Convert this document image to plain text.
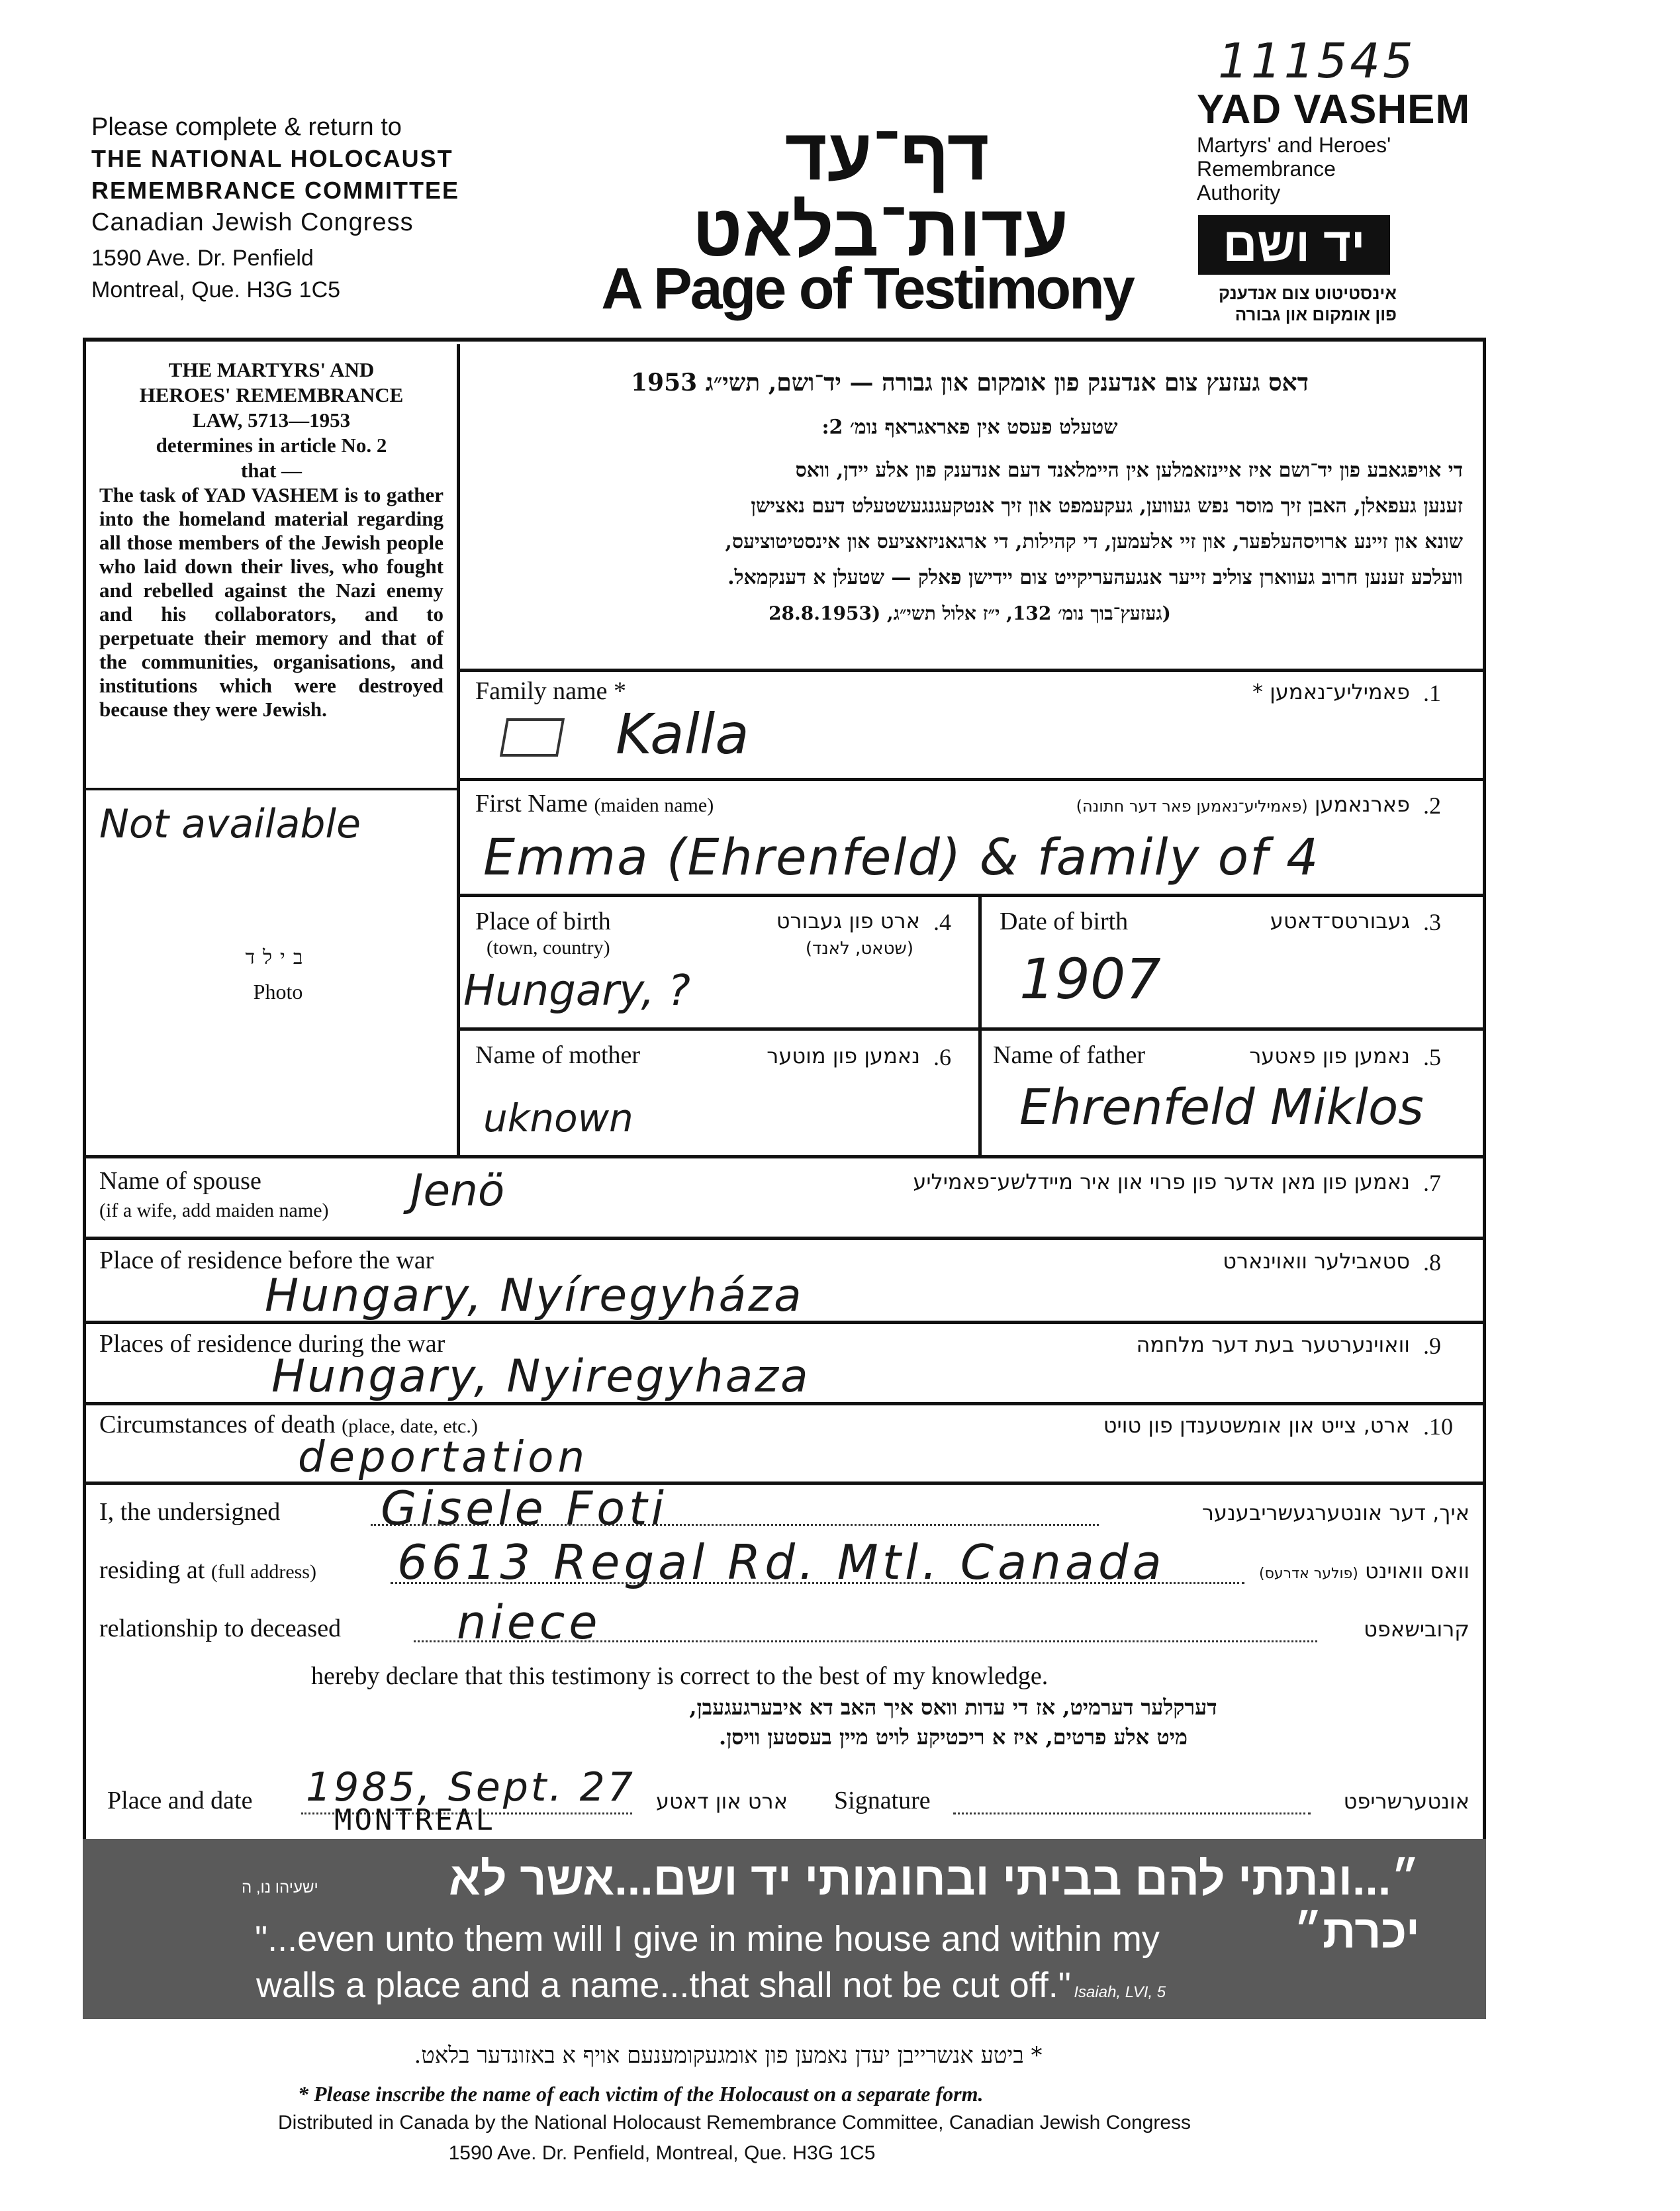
111545
Please complete & return to
THE NATIONAL HOLOCAUST
REMEMBRANCE COMMITTEE
Canadian Jewish Congress
1590 Ave. Dr. Penfield
Montreal, Que. H3G 1C5
דף־עד
עדות־בלאט
A Page of Testimony
YAD VASHEM
Martyrs' and Heroes'
Remembrance
Authority
יד ושם
אינסטיטוט צום אנדענק
פון אומקום און גבורה
THE MARTYRS' AND
HEROES' REMEMBRANCE
LAW, 5713—1953
determines in article No. 2
that —
The task of YAD VASHEM is to gather into the homeland material regarding all those members of the Jewish people who laid down their lives, who fought and rebelled against the Nazi enemy and his collaborators, and to perpetuate their memory and that of the communities, organisations, and institutions which were destroyed because they were Jewish.
דאס געזעץ צום אנדענק פון אומקום און גבורה — יד־ושם, תשי״ג 1953
שטעלט פעסט אין פאראגראף נומ׳ 2:
די אויפגאבע פון יד־ושם איז איינזאמלען אין היימלאנד דעם אנדענק פון אלע יידן, וואס
זענען געפאלן, האבן זיך מוסר נפש געווען, געקעמפט און זיך אנטקעגנגעשטעלט דעם נאצישן
שונא און זיינע ארויסהעלפער, און זיי אלעמען, די קהילות, די ארגאניזאציעס און אינסטיטוציעס,
וועלכע זענען חרוב געווארן צוליב זייער אנגעהעריקייט צום יידישן פאלק — שטעלן א דענקמאל.
(געזעץ־בוך נומ׳ 132, י״ז אלול תשי״ג, (28.8.1953
Not available
בילד
Photo
Family name *	פאמיליע־נאמען * .1
Kalla
First Name (maiden name)	פארנאמען (פאמיליע־נאמען פאר דער חתונה)	.2
Emma (Ehrenfeld) & family of 4
Place of birth
(town, country)
ארט פון געבורט
(שטאט, לאנד)
.4
Hungary, ?
Date of birth	געבורטס־דאטע .3
1907
Name of mother	נאמען פון מוטער .6
uknown
Name of father	נאמען פון פאטער .5
Ehrenfeld Miklos
Name of spouse
(if a wife, add maiden name) Jenö	נאמען פון מאן אדער פון פרוי און איר מיידלשע־פאמיליע .7
Place of residence before the war	סטאבילער וואוינארט .8
Hungary, Nyíregyháza
Places of residence during the war	וואוינערטער בעת דער מלחמה .9
Hungary, Nyiregyhaza
Circumstances of death (place, date, etc.)	ארט, צייט און אומשטענדן פון טויט .10
deportation
I, the undersigned Gisele Foti	איך, דער אונטערגעשריבענער
residing at (full address) 6613 Regal Rd. Mtl. Canada	וואס וואוינט (פולער אדרעס)
relationship to deceased niece	קרובישאפט
hereby declare that this testimony is correct to the best of my knowledge.
דערקלער דערמיט, אז די עדות וואס איך האב דא איבערגעגעבן,
מיט אלע פרטים, איז א ריכטיקע לויט מיין בעסטען וויסן.
Place and date 1985, Sept. 27
MONTREAL
ארט און דאטע Signature	אונטערשריפט
ישעיהו נו, ה	״...ונתתי להם בביתי ובחומותי יד ושם...אשר לא יכרת״
"...even unto them will I give in mine house and within my
walls a place and a name...that shall not be cut off." Isaiah, LVI, 5
* ביטע אנשרייבן יעדן נאמען פון אומגעקומענעם אויף א באזונדער בלאט.
* Please inscribe the name of each victim of the Holocaust on a separate form.
Distributed in Canada by the National Holocaust Remembrance Committee, Canadian Jewish Congress
1590 Ave. Dr. Penfield, Montreal, Que. H3G 1C5
